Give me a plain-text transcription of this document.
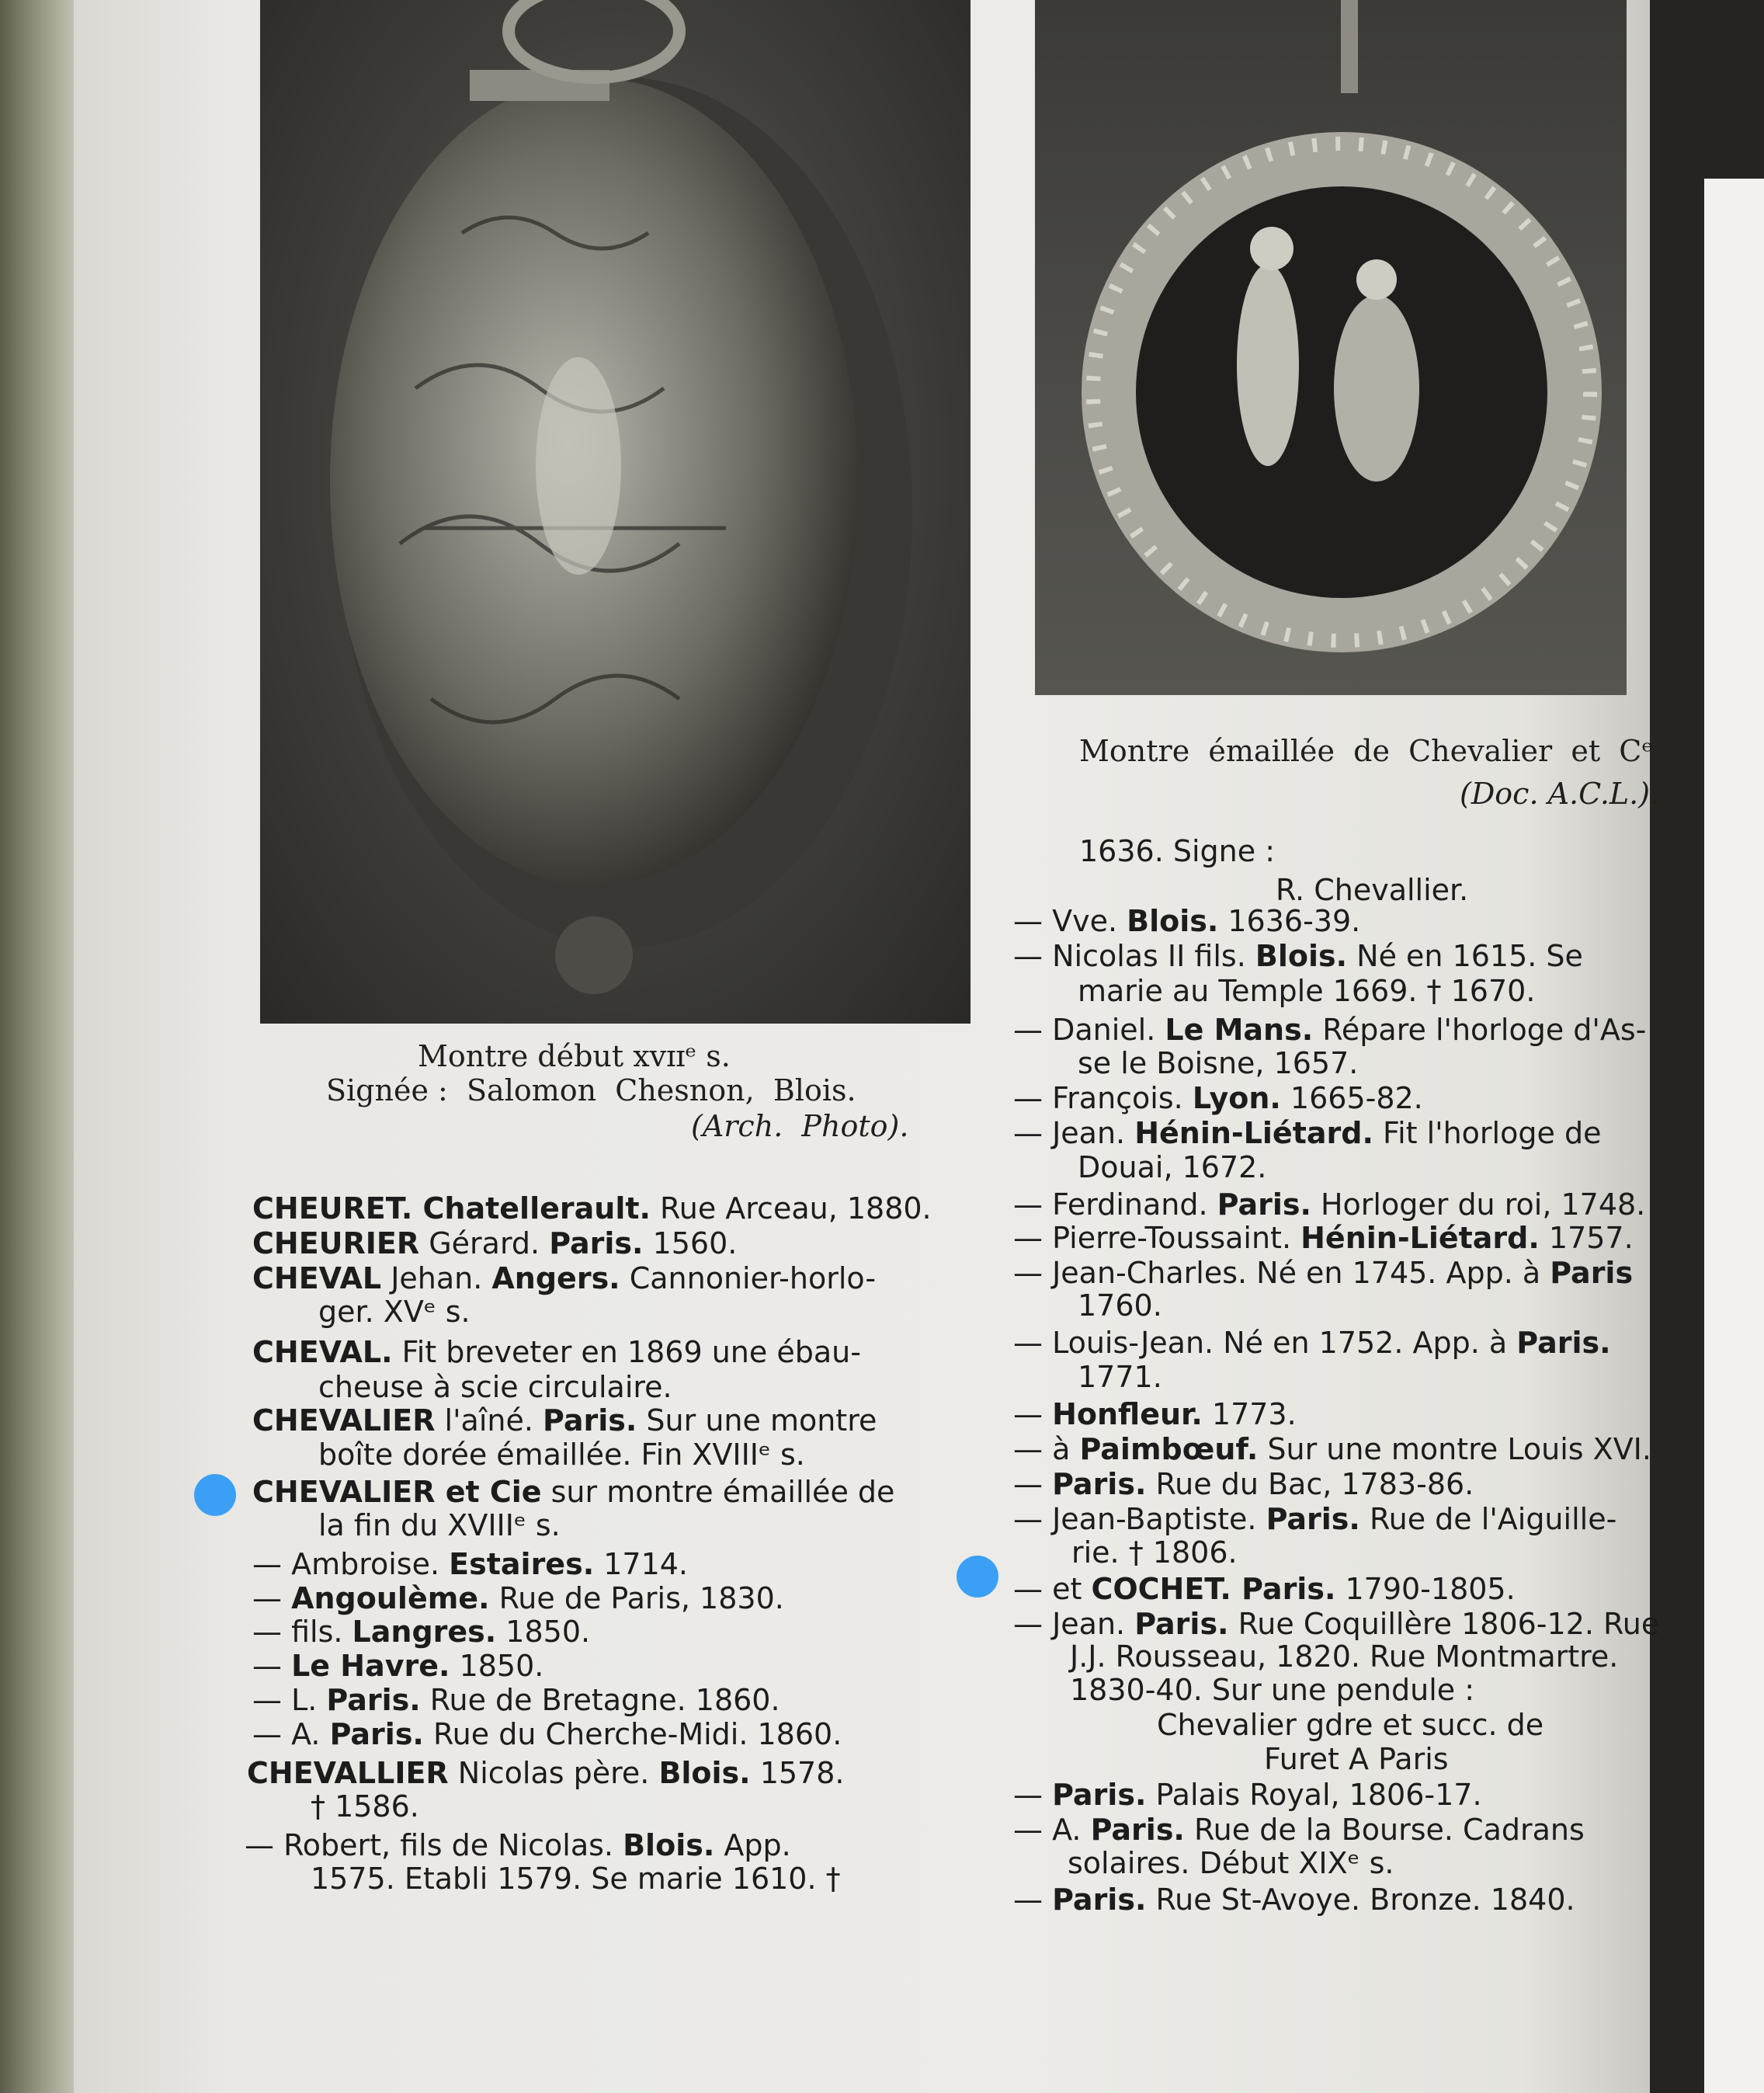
Montre début xvɪɪᵉ s.
Signée :  Salomon  Chesnon,  Blois.
(Arch.  Photo).
Montre  émaillée  de  Chevalier  et  Cᵉ
(Doc. A.C.L.).
CHEURET. Chatellerault. Rue Arceau, 1880.
CHEURIER Gérard. Paris. 1560.
CHEVAL Jehan. Angers. Cannonier-horlo-
ger. XVᵉ s.
CHEVAL. Fit breveter en 1869 une ébau-
cheuse à scie circulaire.
CHEVALIER l'aîné. Paris. Sur une montre
boîte dorée émaillée. Fin XVIIIᵉ s.
CHEVALIER et Cie sur montre émaillée de
la fin du XVIIIᵉ s.
— Ambroise. Estaires. 1714.
— Angoulème. Rue de Paris, 1830.
— fils. Langres. 1850.
— Le Havre. 1850.
— L. Paris. Rue de Bretagne. 1860.
— A. Paris. Rue du Cherche-Midi. 1860.
CHEVALLIER Nicolas père. Blois. 1578.
† 1586.
— Robert, fils de Nicolas. Blois. App.
1575. Etabli 1579. Se marie 1610. †
1636. Signe :
R. Chevallier.
— Vve. Blois. 1636-39.
— Nicolas II fils. Blois. Né en 1615. Se
marie au Temple 1669. † 1670.
— Daniel. Le Mans. Répare l'horloge d'As-
se le Boisne, 1657.
— François. Lyon. 1665-82.
— Jean. Hénin-Liétard. Fit l'horloge de
Douai, 1672.
— Ferdinand. Paris. Horloger du roi, 1748.
— Pierre-Toussaint. Hénin-Liétard. 1757.
— Jean-Charles. Né en 1745. App. à Paris
1760.
— Louis-Jean. Né en 1752. App. à Paris.
1771.
— Honfleur. 1773.
— à Paimbœuf. Sur une montre Louis XVI.
— Paris. Rue du Bac, 1783-86.
— Jean-Baptiste. Paris. Rue de l'Aiguille-
rie. † 1806.
— et COCHET. Paris. 1790-1805.
— Jean. Paris. Rue Coquillère 1806-12. Rue
J.J. Rousseau, 1820. Rue Montmartre.
1830-40. Sur une pendule :
Chevalier gdre et succ. de
Furet A Paris
— Paris. Palais Royal, 1806-17.
— A. Paris. Rue de la Bourse. Cadrans
solaires. Début XIXᵉ s.
— Paris. Rue St-Avoye. Bronze. 1840.
